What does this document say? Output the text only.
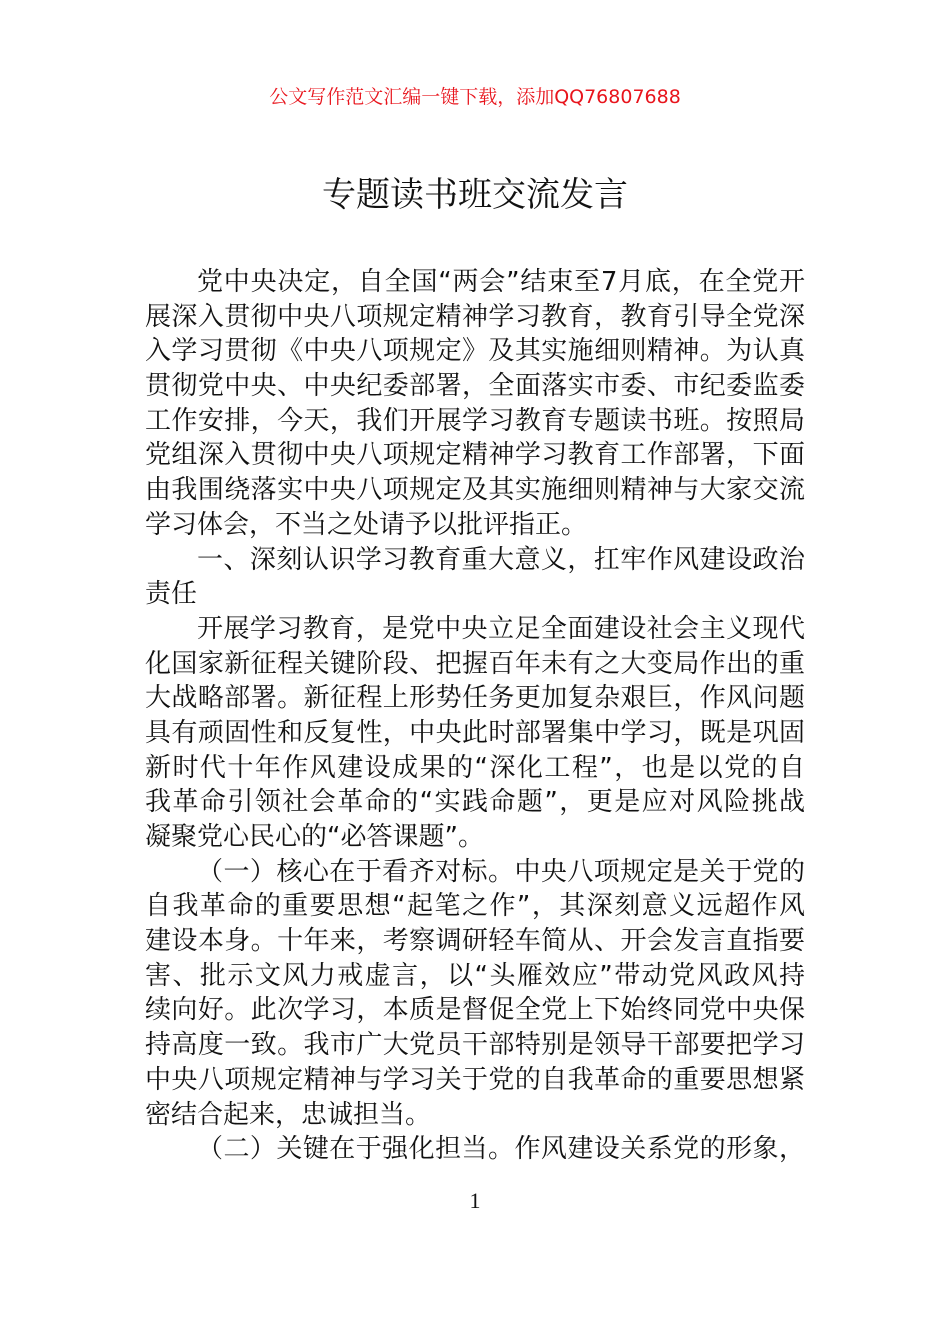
公文写作范文汇编一键下载，添加QQ76807688
专题读书班交流发言
党中央决定，自全国“两会”结束至7月底，在全党开
展深入贯彻中央八项规定精神学习教育，教育引导全党深
入学习贯彻《中央八项规定》及其实施细则精神。为认真
贯彻党中央、中央纪委部署，全面落实市委、市纪委监委
工作安排，今天，我们开展学习教育专题读书班。按照局
党组深入贯彻中央八项规定精神学习教育工作部署，下面
由我围绕落实中央八项规定及其实施细则精神与大家交流
学习体会，不当之处请予以批评指正。
一、深刻认识学习教育重大意义，扛牢作风建设政治
责任
开展学习教育，是党中央立足全面建设社会主义现代
化国家新征程关键阶段、把握百年未有之大变局作出的重
大战略部署。新征程上形势任务更加复杂艰巨，作风问题
具有顽固性和反复性，中央此时部署集中学习，既是巩固
新时代十年作风建设成果的“深化工程”，也是以党的自
我革命引领社会革命的“实践命题”，更是应对风险挑战
凝聚党心民心的“必答课题”。
（一）核心在于看齐对标。中央八项规定是关于党的
自我革命的重要思想“起笔之作”，其深刻意义远超作风
建设本身。十年来，考察调研轻车简从、开会发言直指要
害、批示文风力戒虚言，以“头雁效应”带动党风政风持
续向好。此次学习，本质是督促全党上下始终同党中央保
持高度一致。我市广大党员干部特别是领导干部要把学习
中央八项规定精神与学习关于党的自我革命的重要思想紧
密结合起来，忠诚担当。
（二）关键在于强化担当。作风建设关系党的形象，
1
